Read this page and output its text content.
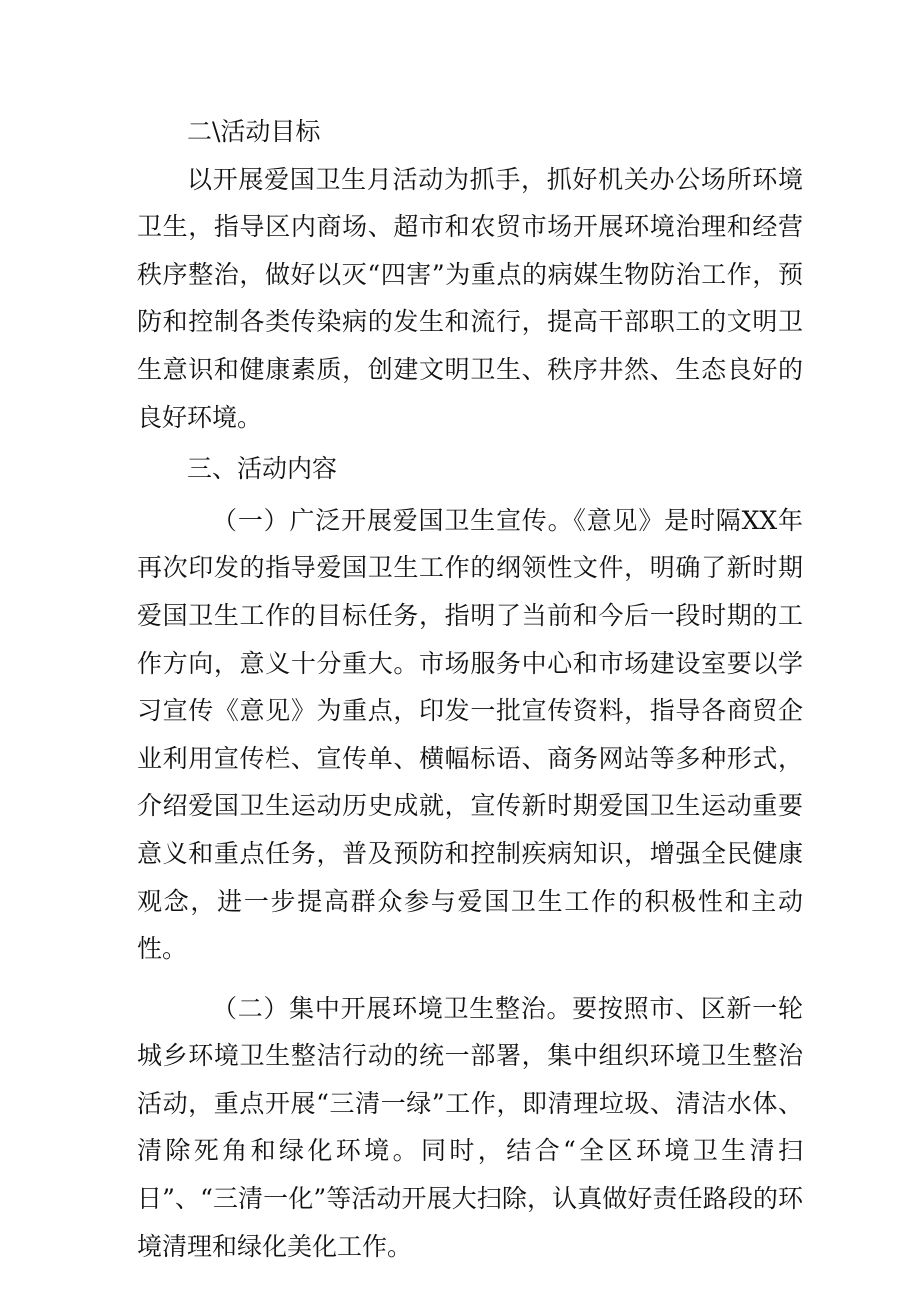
二\活动目标

以开展爱国卫生月活动为抓手，抓好机关办公场所环境卫生，指导区内商场、超市和农贸市场开展环境治理和经营秩序整治，做好以灭“四害”为重点的病媒生物防治工作，预防和控制各类传染病的发生和流行，提高干部职工的文明卫生意识和健康素质，创建文明卫生、秩序井然、生态良好的良好环境。

三、活动内容

（一）广泛开展爱国卫生宣传。《意见》是时隔XX年再次印发的指导爱国卫生工作的纲领性文件，明确了新时期爱国卫生工作的目标任务，指明了当前和今后一段时期的工作方向，意义十分重大。市场服务中心和市场建设室要以学习宣传《意见》为重点，印发一批宣传资料，指导各商贸企业利用宣传栏、宣传单、横幅标语、商务网站等多种形式，介绍爱国卫生运动历史成就，宣传新时期爱国卫生运动重要意义和重点任务，普及预防和控制疾病知识，增强全民健康观念，进一步提高群众参与爱国卫生工作的积极性和主动性。

（二）集中开展环境卫生整治。要按照市、区新一轮城乡环境卫生整洁行动的统一部署，集中组织环境卫生整治活动，重点开展“三清一绿”工作，即清理垃圾、清洁水体、清除死角和绿化环境。同时，结合“全区环境卫生清扫日”、“三清一化”等活动开展大扫除，认真做好责任路段的环境清理和绿化美化工作。
